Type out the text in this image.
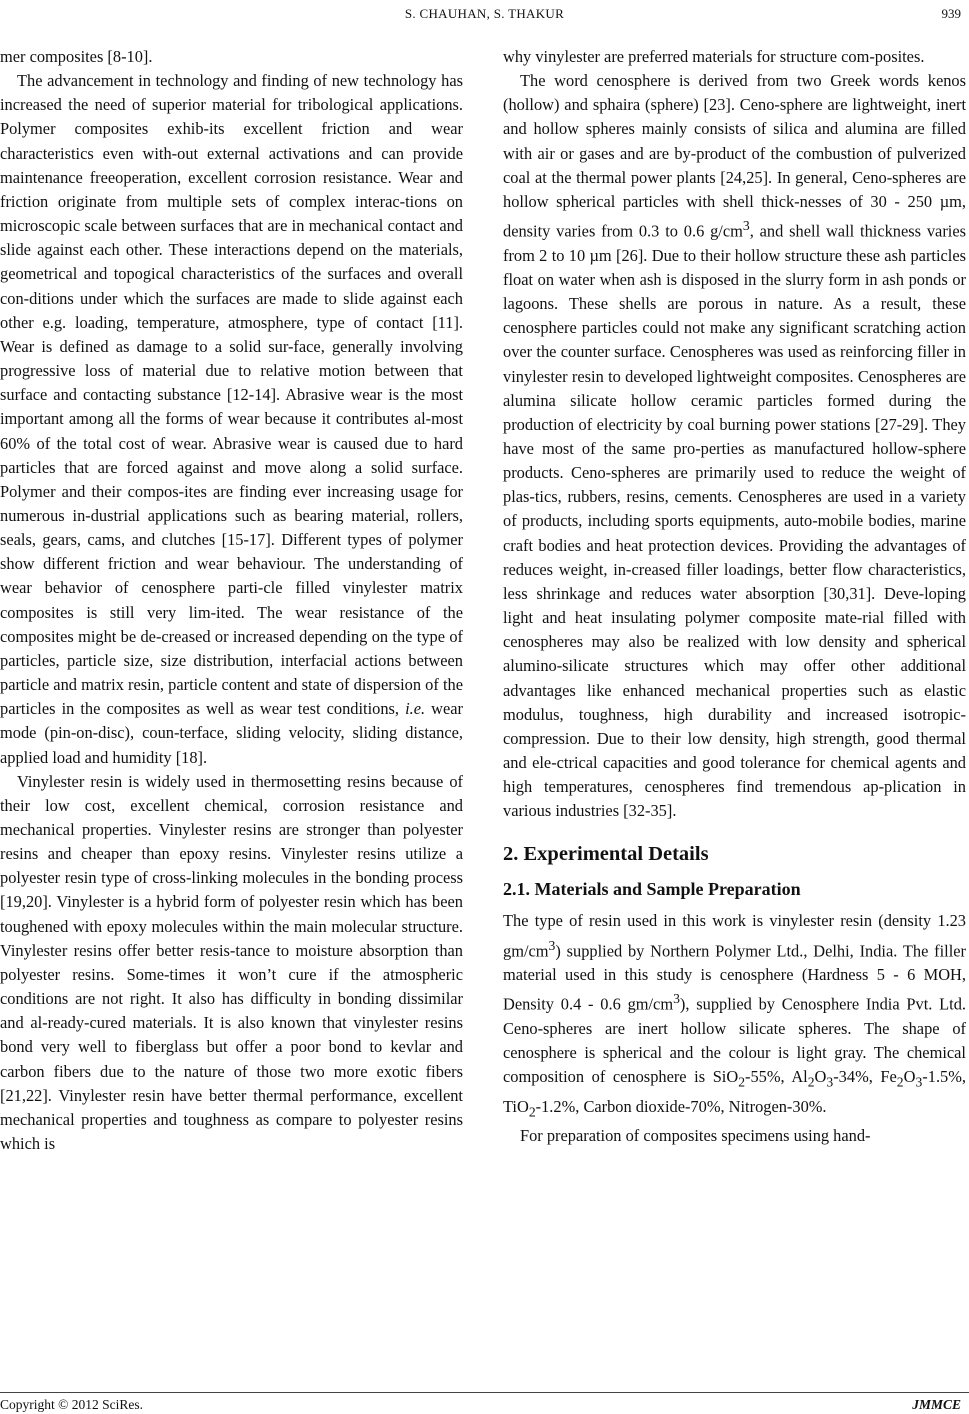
S. CHAUHAN, S. THAKUR	939

mer composites [8-10].

The advancement in technology and finding of new technology has increased the need of superior material for tribological applications. Polymer composites exhib-its excellent friction and wear characteristics even with-out external activations and can provide maintenance freeoperation, excellent corrosion resistance. Wear and friction originate from multiple sets of complex interac-tions on microscopic scale between surfaces that are in mechanical contact and slide against each other. These interactions depend on the materials, geometrical and topogical characteristics of the surfaces and overall con-ditions under which the surfaces are made to slide against each other e.g. loading, temperature, atmosphere, type of contact [11]. Wear is defined as damage to a solid sur-face, generally involving progressive loss of material due to relative motion between that surface and contacting substance [12-14]. Abrasive wear is the most important among all the forms of wear because it contributes al-most 60% of the total cost of wear. Abrasive wear is caused due to hard particles that are forced against and move along a solid surface. Polymer and their compos-ites are finding ever increasing usage for numerous in-dustrial applications such as bearing material, rollers, seals, gears, cams, and clutches [15-17]. Different types of polymer show different friction and wear behaviour. The understanding of wear behavior of cenosphere parti-cle filled vinylester matrix composites is still very lim-ited. The wear resistance of the composites might be de-creased or increased depending on the type of particles, particle size, size distribution, interfacial actions between particle and matrix resin, particle content and state of dispersion of the particles in the composites as well as wear test conditions, i.e. wear mode (pin-on-disc), coun-terface, sliding velocity, sliding distance, applied load and humidity [18].

Vinylester resin is widely used in thermosetting resins because of their low cost, excellent chemical, corrosion resistance and mechanical properties. Vinylester resins are stronger than polyester resins and cheaper than epoxy resins. Vinylester resins utilize a polyester resin type of cross-linking molecules in the bonding process [19,20]. Vinylester is a hybrid form of polyester resin which has been toughened with epoxy molecules within the main molecular structure. Vinylester resins offer better resis-tance to moisture absorption than polyester resins. Some-times it won’t cure if the atmospheric conditions are not right. It also has difficulty in bonding dissimilar and al-ready-cured materials. It is also known that vinylester resins bond very well to fiberglass but offer a poor bond to kevlar and carbon fibers due to the nature of those two more exotic fibers [21,22]. Vinylester resin have better thermal performance, excellent mechanical properties and toughness as compare to polyester resins which is

why vinylester are preferred materials for structure com-posites.

The word cenosphere is derived from two Greek words kenos (hollow) and sphaira (sphere) [23]. Ceno-sphere are lightweight, inert and hollow spheres mainly consists of silica and alumina are filled with air or gases and are by-product of the combustion of pulverized coal at the thermal power plants [24,25]. In general, Ceno-spheres are hollow spherical particles with shell thick-nesses of 30 - 250 µm, density varies from 0.3 to 0.6 $g/cm^3$, and shell wall thickness varies from 2 to 10 µm [26]. Due to their hollow structure these ash particles float on water when ash is disposed in the slurry form in ash ponds or lagoons. These shells are porous in nature. As a result, these cenosphere particles could not make any significant scratching action over the counter surface. Cenospheres was used as reinforcing filler in vinylester resin to developed lightweight composites. Cenospheres are alumina silicate hollow ceramic particles formed during the production of electricity by coal burning power stations [27-29]. They have most of the same pro-perties as manufactured hollow-sphere products. Ceno-spheres are primarily used to reduce the weight of plas-tics, rubbers, resins, cements. Cenospheres are used in a variety of products, including sports equipments, auto-mobile bodies, marine craft bodies and heat protection devices. Providing the advantages of reduces weight, in-creased filler loadings, better flow characteristics, less shrinkage and reduces water absorption [30,31]. Deve-loping light and heat insulating polymer composite mate-rial filled with cenospheres may also be realized with low density and spherical alumino-silicate structures which may offer other additional advantages like enhanced mechanical properties such as elastic modulus, toughness, high durability and increased isotropic-compression. Due to their low density, high strength, good thermal and ele-ctrical capacities and good tolerance for chemical agents and high temperatures, cenospheres find tremendous ap-plication in various industries [32-35].

2. Experimental Details
2.1. Materials and Sample Preparation

The type of resin used in this work is vinylester resin (density 1.23 $gm/cm^3$) supplied by Northern Polymer Ltd., Delhi, India. The filler material used in this study is cenosphere (Hardness 5 - 6 MOH, Density 0.4 - 0.6 $gm/cm^3$), supplied by Cenosphere India Pvt. Ltd. Ceno-spheres are inert hollow silicate spheres. The shape of cenosphere is spherical and the colour is light gray. The chemical composition of cenosphere is SiO$_2$-55%, $Al_2O_3-34\%$, $Fe_2O_3-1.5\%$, TiO$_2$-1.2%, Carbon dioxide-70%, Nitrogen-30%.

For preparation of composites specimens using hand-

Copyright © 2012 SciRes.	JMMCE
